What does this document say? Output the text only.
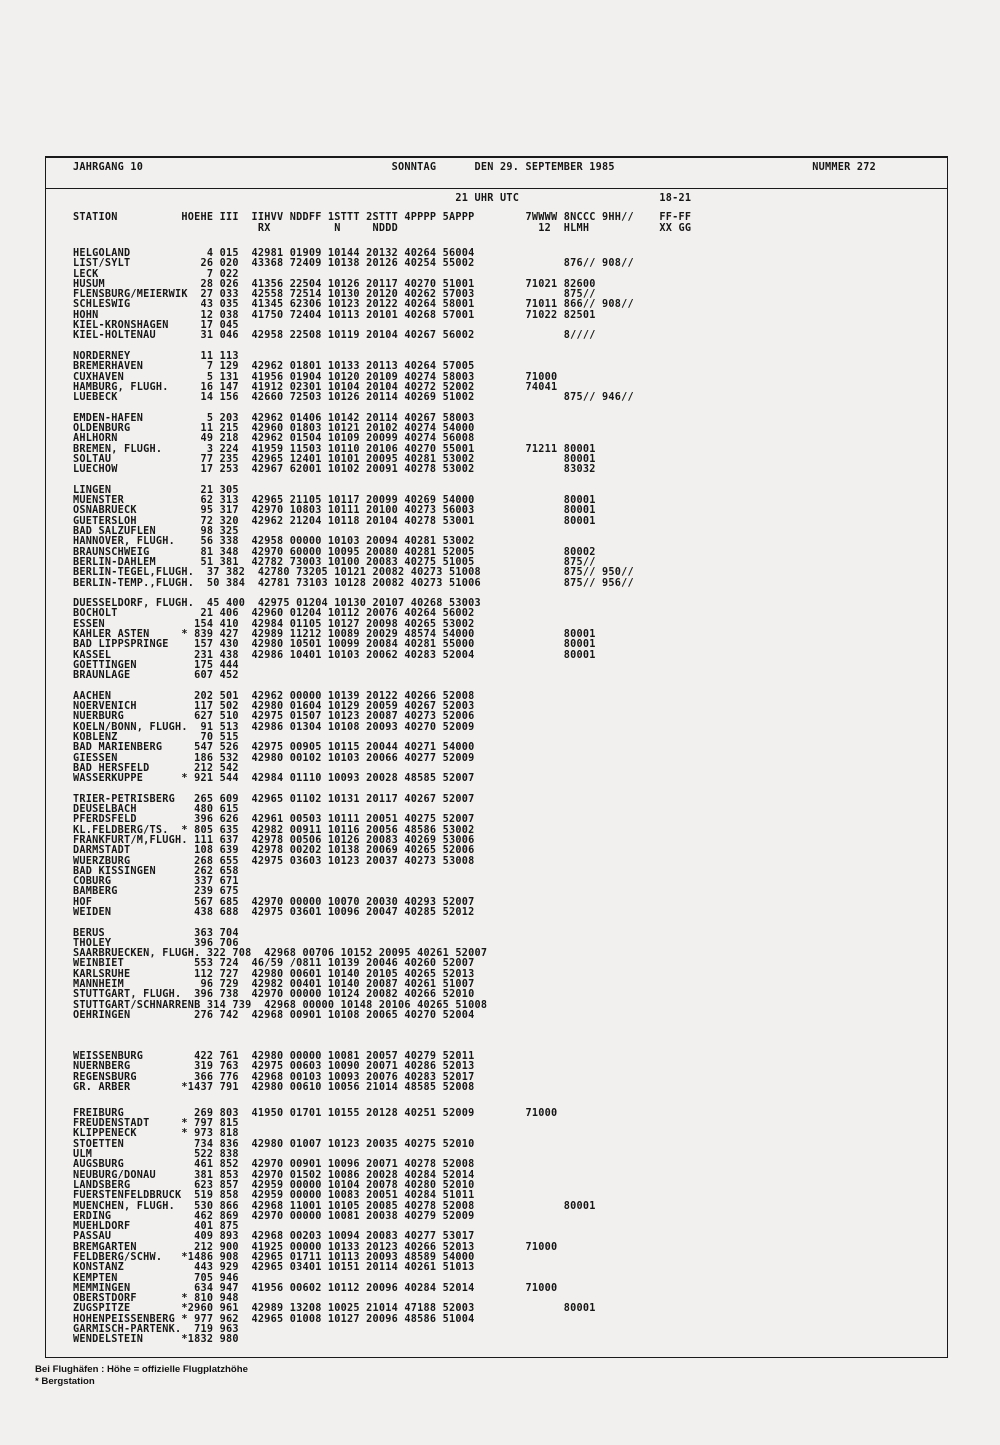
JAHRGANG 10                                       SONNTAG      DEN 29. SEPTEMBER 1985                               NUMMER 272
21 UHR UTC                      18-21
STATION          HOEHE III  IIHVV NDDFF 1STTT 2STTT 4PPPP 5APPP        7WWWW 8NCCC 9HH//    FF-FF
RX          N     NDDD                      12  HLMH           XX GG
HELGOLAND            4 015  42981 01909 10144 20132 40264 56004
LIST/SYLT           26 020  43368 72409 10138 20126 40254 55002              876// 908//
LECK                 7 022
HUSUM               28 026  41356 22504 10126 20117 40270 51001        71021 82600
FLENSBURG/MEIERWIK  27 033  42558 72514 10130 20120 40262 57003              875//
SCHLESWIG           43 035  41345 62306 10123 20122 40264 58001        71011 866// 908//
HOHN                12 038  41750 72404 10113 20101 40268 57001        71022 82501
KIEL-KRONSHAGEN     17 045
KIEL-HOLTENAU       31 046  42958 22508 10119 20104 40267 56002              8////
NORDERNEY           11 113
BREMERHAVEN          7 129  42962 01801 10133 20113 40264 57005
CUXHAVEN             5 131  41956 01904 10120 20109 40274 58003        71000
HAMBURG, FLUGH.     16 147  41912 02301 10104 20104 40272 52002        74041
LUEBECK             14 156  42660 72503 10126 20114 40269 51002              875// 946//
EMDEN-HAFEN          5 203  42962 01406 10142 20114 40267 58003
OLDENBURG           11 215  42960 01803 10121 20102 40274 54000
AHLHORN             49 218  42962 01504 10109 20099 40274 56008
BREMEN, FLUGH.       3 224  41959 11503 10110 20106 40270 55001        71211 80001
SOLTAU              77 235  42965 12401 10101 20095 40281 53002              80001
LUECHOW             17 253  42967 62001 10102 20091 40278 53002              83032
LINGEN              21 305
MUENSTER            62 313  42965 21105 10117 20099 40269 54000              80001
OSNABRUECK          95 317  42970 10803 10111 20100 40273 56003              80001
GUETERSLOH          72 320  42962 21204 10118 20104 40278 53001              80001
BAD SALZUFLEN       98 325
HANNOVER, FLUGH.    56 338  42958 00000 10103 20094 40281 53002
BRAUNSCHWEIG        81 348  42970 60000 10095 20080 40281 52005              80002
BERLIN-DAHLEM       51 381  42782 73003 10100 20083 40275 51005              875//
BERLIN-TEGEL,FLUGH.  37 382  42780 73205 10121 20082 40273 51008             875// 950//
BERLIN-TEMP.,FLUGH.  50 384  42781 73103 10128 20082 40273 51006             875// 956//
DUESSELDORF, FLUGH.  45 400  42975 01204 10130 20107 40268 53003
BOCHOLT             21 406  42960 01204 10112 20076 40264 56002
ESSEN              154 410  42984 01105 10127 20098 40265 53002
KAHLER ASTEN     * 839 427  42989 11212 10089 20029 48574 54000              80001
BAD LIPPSPRINGE    157 430  42980 10501 10099 20084 40281 55000              80001
KASSEL             231 438  42986 10401 10103 20062 40283 52004              80001
GOETTINGEN         175 444
BRAUNLAGE          607 452
AACHEN             202 501  42962 00000 10139 20122 40266 52008
NOERVENICH         117 502  42980 01604 10129 20059 40267 52003
NUERBURG           627 510  42975 01507 10123 20087 40273 52006
KOELN/BONN, FLUGH.  91 513  42986 01304 10108 20093 40270 52009
KOBLENZ             70 515
BAD MARIENBERG     547 526  42975 00905 10115 20044 40271 54000
GIESSEN            186 532  42980 00102 10103 20066 40277 52009
BAD HERSFELD       212 542
WASSERKUPPE      * 921 544  42984 01110 10093 20028 48585 52007
TRIER-PETRISBERG   265 609  42965 01102 10131 20117 40267 52007
DEUSELBACH         480 615
PFERDSFELD         396 626  42961 00503 10111 20051 40275 52007
KL.FELDBERG/TS.  * 805 635  42982 00911 10116 20056 48586 53002
FRANKFURT/M,FLUGH. 111 637  42978 00506 10126 20083 40269 53006
DARMSTADT          108 639  42978 00202 10138 20069 40265 52006
WUERZBURG          268 655  42975 03603 10123 20037 40273 53008
BAD KISSINGEN      262 658
COBURG             337 671
BAMBERG            239 675
HOF                567 685  42970 00000 10070 20030 40293 52007
WEIDEN             438 688  42975 03601 10096 20047 40285 52012
BERUS              363 704
THOLEY             396 706
SAARBRUECKEN, FLUGH. 322 708  42968 00706 10152 20095 40261 52007
WEINBIET           553 724  46/59 /0811 10139 20046 40260 52007
KARLSRUHE          112 727  42980 00601 10140 20105 40265 52013
MANNHEIM            96 729  42982 00401 10140 20087 40261 51007
STUTTGART, FLUGH.  396 738  42970 00000 10124 20082 40266 52010
STUTTGART/SCHNARRENB 314 739  42968 00000 10148 20106 40265 51008
OEHRINGEN          276 742  42968 00901 10108 20065 40270 52004
WEISSENBURG        422 761  42980 00000 10081 20057 40279 52011
NUERNBERG          319 763  42975 00603 10090 20071 40286 52013
REGENSBURG         366 776  42968 00103 10093 20076 40283 52017
GR. ARBER        *1437 791  42980 00610 10056 21014 48585 52008
FREIBURG           269 803  41950 01701 10155 20128 40251 52009        71000
FREUDENSTADT     * 797 815
KLIPPENECK       * 973 818
STOETTEN           734 836  42980 01007 10123 20035 40275 52010
ULM                522 838
AUGSBURG           461 852  42970 00901 10096 20071 40278 52008
NEUBURG/DONAU      381 853  42970 01502 10086 20028 40284 52014
LANDSBERG          623 857  42959 00000 10104 20078 40280 52010
FUERSTENFELDBRUCK  519 858  42959 00000 10083 20051 40284 51011
MUENCHEN, FLUGH.   530 866  42968 11001 10105 20085 40278 52008              80001
ERDING             462 869  42970 00000 10081 20038 40279 52009
MUEHLDORF          401 875
PASSAU             409 893  42968 00203 10094 20083 40277 53017
BREMGARTEN         212 900  41925 00000 10133 20123 40266 52013        71000
FELDBERG/SCHW.   *1486 908  42965 01711 10113 20093 48589 54000
KONSTANZ           443 929  42965 03401 10151 20114 40261 51013
KEMPTEN            705 946
MEMMINGEN          634 947  41956 00602 10112 20096 40284 52014        71000
OBERSTDORF       * 810 948
ZUGSPITZE        *2960 961  42989 13208 10025 21014 47188 52003              80001
HOHENPEISSENBERG * 977 962  42965 01008 10127 20096 48586 51004
GARMISCH-PARTENK.  719 963
WENDELSTEIN      *1832 980
Bei Flughäfen : Höhe = offizielle Flugplatzhöhe
* Bergstation
